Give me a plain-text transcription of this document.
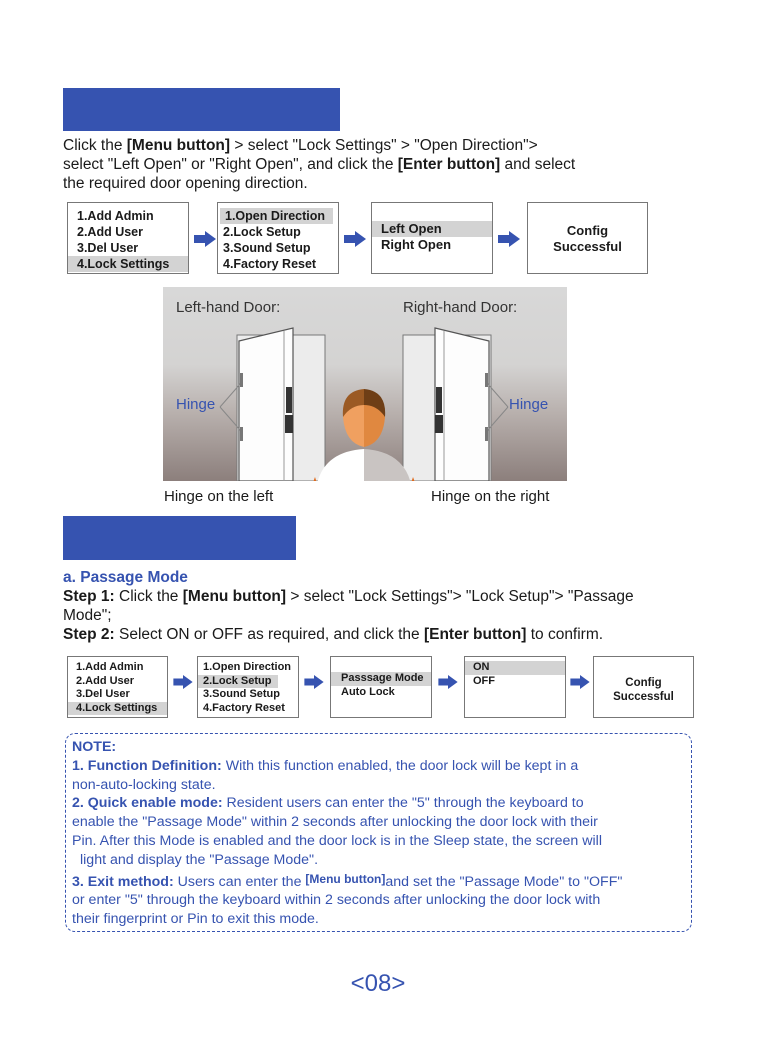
Click the [Menu button] > select "Lock Settings" > "Open Direction">
select "Left Open" or "Right Open", and click the [Enter button] and select
the required door opening direction.
1.Add Admin
2.Add User
3.Del User
4.Lock Settings
1.Open Direction
2.Lock Setup
3.Sound Setup
4.Factory Reset
Left Open
Right Open
Config
Successful
Left-hand Door:	Right-hand Door:
Hinge	Hinge
Hinge on the left	Hinge on the right
a. Passage Mode
Step 1: Click the [Menu button] > select "Lock Settings"> "Lock Setup"> "Passage
Mode";
Step 2: Select ON or OFF as required, and click the [Enter button] to confirm.
1.Add Admin
2.Add User
3.Del User
4.Lock Settings
1.Open Direction
2.Lock Setup
3.Sound Setup
4.Factory Reset
Passsage Mode
Auto Lock
ON
OFF	Config
Successful
NOTE:
1. Function Definition: With this function enabled, the door lock will be kept in a
non-auto-locking state.
2. Quick enable mode: Resident users can enter the "5" through the keyboard to
enable the "Passage Mode" within 2 seconds after unlocking the door lock with their
Pin. After this Mode is enabled and the door lock is in the Sleep state, the screen will
light and display the "Passage Mode".
3. Exit method: Users can enter the [Menu button]and set the "Passage Mode" to "OFF"
or enter "5" through the keyboard within 2 seconds after unlocking the door lock with
their fingerprint or Pin to exit this mode.
<08>
